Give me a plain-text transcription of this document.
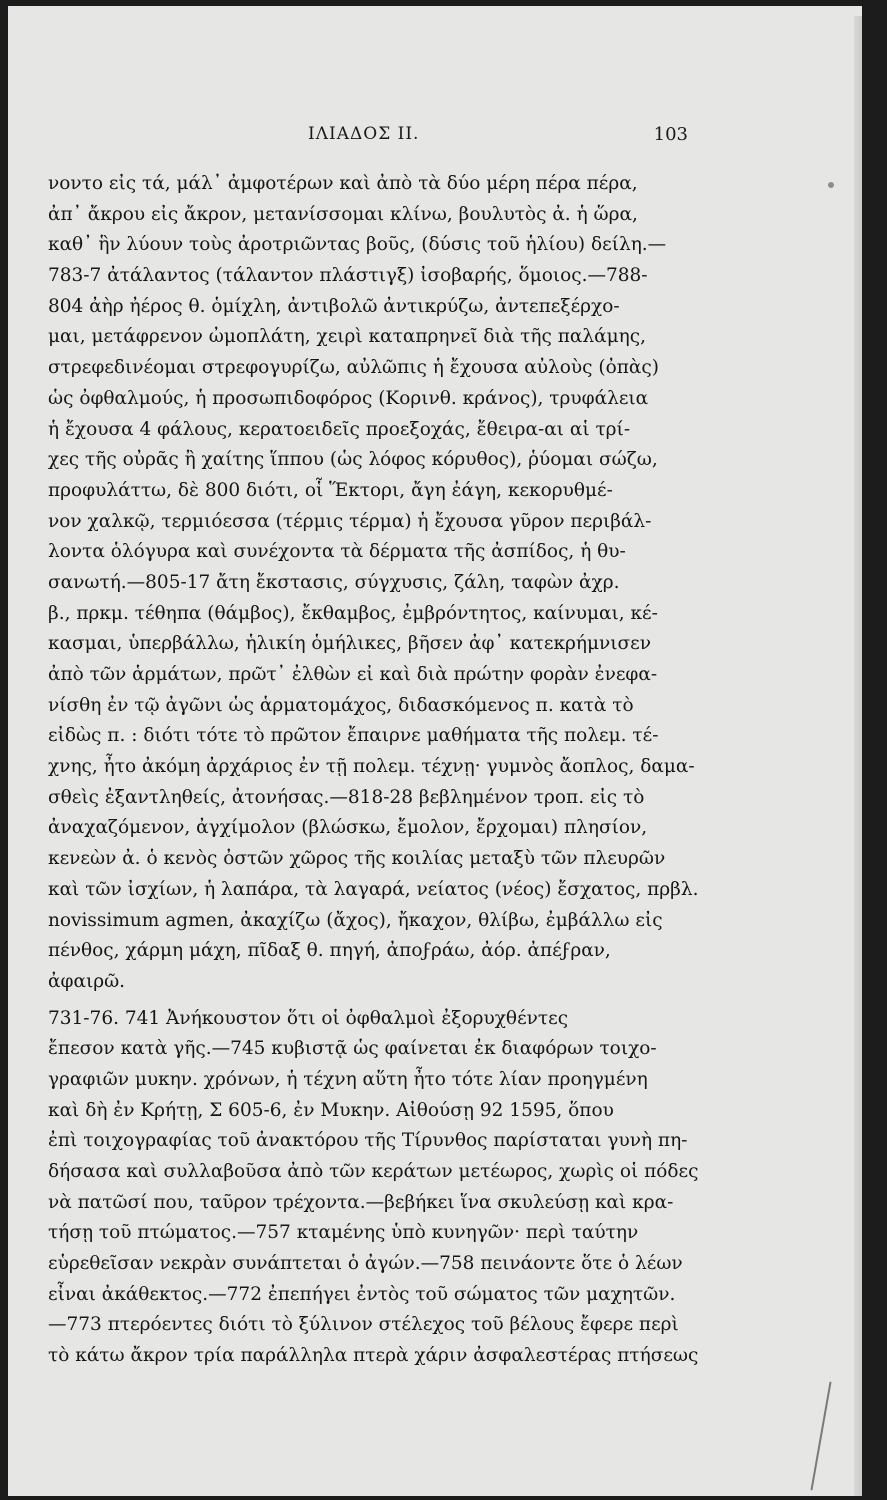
ΙΛΙΑΔΟΣ II.	103
νοντο εἰς τά, μάλ᾽ ἀμφοτέρων καὶ ἀπὸ τὰ δύο μέρη πέρα πέρα,
ἀπ᾽ ἄκρου εἰς ἄκρον, μετανίσσομαι κλίνω, βουλυτὸς ἀ. ἡ ὥρα,
καθ᾽ ἣν λύουν τοὺς ἀροτριῶντας βοῦς, (δύσις τοῦ ἡλίου) δείλη.—
783-7 ἀτάλαντος (τάλαντον πλάστιγξ) ἰσοβαρής, ὅμοιος.—788-
804 ἀὴρ ἠέρος θ. ὁμίχλη, ἀντιβολῶ ἀντικρύζω, ἀντεπεξέρχο-
μαι, μετάφρενον ὠμοπλάτη, χειρὶ καταπρηνεῖ διὰ τῆς παλάμης,
στρεφεδινέομαι στρεφογυρίζω, αὐλῶπις ἡ ἔχουσα αὐλοὺς (ὀπὰς)
ὡς ὀφθαλμούς, ἡ προσωπιδοφόρος (Κορινθ. κράνος), τρυφάλεια
ἡ ἔχουσα 4 φάλους, κερατοειδεῖς προεξοχάς, ἔθειρα-αι αἱ τρί-
χες τῆς οὐρᾶς ἢ χαίτης ἵππου (ὡς λόφος κόρυθος), ῥύομαι σώζω,
προφυλάττω, δὲ 800 διότι, οἷ Ἕκτορι, ἄγη ἐάγη, κεκορυθμέ-
νον χαλκῷ, τερμιόεσσα (τέρμις τέρμα) ἡ ἔχουσα γῦρον περιβάλ-
λοντα ὁλόγυρα καὶ συνέχοντα τὰ δέρματα τῆς ἀσπίδος, ἡ θυ-
σανωτή.—805-17 ἄτη ἔκστασις, σύγχυσις, ζάλη, ταφὼν ἀχρ.
β., πρκμ. τέθηπα (θάμβος), ἔκθαμβος, ἐμβρόντητος, καίνυμαι, κέ-
κασμαι, ὑπερβάλλω, ἡλικίη ὁμήλικες, βῆσεν ἀφ᾽ κατεκρήμνισεν
ἀπὸ τῶν ἁρμάτων, πρῶτ᾽ ἐλθὼν εἰ καὶ διὰ πρώτην φορὰν ἐνεφα-
νίσθη ἐν τῷ ἀγῶνι ὡς ἁρματομάχος, διδασκόμενος π. κατὰ τὸ
εἰδὼς π. : διότι τότε τὸ πρῶτον ἔπαιρνε μαθήματα τῆς πολεμ. τέ-
χνης, ἦτο ἀκόμη ἀρχάριος ἐν τῇ πολεμ. τέχνῃ· γυμνὸς ἄοπλος, δαμα-
σθεὶς ἐξαντληθείς, ἀτονήσας.—818-28 βεβλημένον τροπ. εἰς τὸ
ἀναχαζόμενον, ἀγχίμολον (βλώσκω, ἔμολον, ἔρχομαι) πλησίον,
κενεὼν ἀ. ὁ κενὸς ὀστῶν χῶρος τῆς κοιλίας μεταξὺ τῶν πλευρῶν
καὶ τῶν ἰσχίων, ἡ λαπάρα, τὰ λαγαρά, νείατος (νέος) ἔσχατος, πρβλ.
novissimum agmen, ἀκαχίζω (ἄχος), ἤκαχον, θλίβω, ἐμβάλλω εἰς
πένθος, χάρμη μάχη, πῖδαξ θ. πηγή, ἀποϝράω, ἀόρ. ἀπέϝραν,
ἀφαιρῶ.
731-76. 741 Ἀνήκουστον ὅτι οἱ ὀφθαλμοὶ ἐξορυχθέντες
ἔπεσον κατὰ γῆς.—745 κυβιστᾷ ὡς φαίνεται ἐκ διαφόρων τοιχο-
γραφιῶν μυκην. χρόνων, ἡ τέχνη αὕτη ἦτο τότε λίαν προηγμένη
καὶ δὴ ἐν Κρήτῃ, Σ 605-6, ἐν Μυκην. Αἰθούσῃ 92 1595, ὅπου
ἐπὶ τοιχογραφίας τοῦ ἀνακτόρου τῆς Τίρυνθος παρίσταται γυνὴ πη-
δήσασα καὶ συλλαβοῦσα ἀπὸ τῶν κεράτων μετέωρος, χωρὶς οἱ πόδες
νὰ πατῶσί που, ταῦρον τρέχοντα.—βεβήκει ἵνα σκυλεύσῃ καὶ κρα-
τήσῃ τοῦ πτώματος.—757 κταμένης ὑπὸ κυνηγῶν· περὶ ταύτην
εὑρεθεῖσαν νεκρὰν συνάπτεται ὁ ἀγών.—758 πεινάοντε ὅτε ὁ λέων
εἶναι ἀκάθεκτος.—772 ἐπεπήγει ἐντὸς τοῦ σώματος τῶν μαχητῶν.
—773 πτερόεντες διότι τὸ ξύλινον στέλεχος τοῦ βέλους ἔφερε περὶ
τὸ κάτω ἄκρον τρία παράλληλα πτερὰ χάριν ἀσφαλεστέρας πτήσεως
